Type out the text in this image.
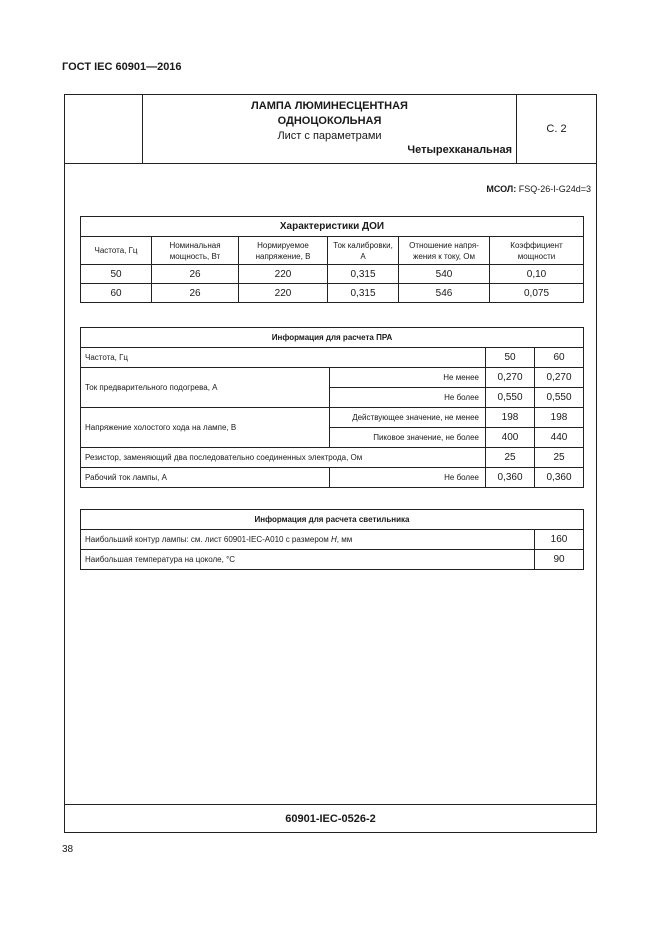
ГОСТ IEC 60901—2016
ЛАМПА ЛЮМИНЕСЦЕНТНАЯ
ОДНОЦОКОЛЬНАЯ
Лист с параметрами
Четырехканальная
С. 2
МСОЛ: FSQ-26-I-G24d=3
Характеристики ДОИ					
Частота, Гц	Номинальная мощность, Вт	Нормируемое напряжение, В	Ток калибровки, А	Отношение напря-жения к току, Ом	Коэффициент мощности
50	26	220	0,315	540	0,10
60	26	220	0,315	546	0,075
Информация для расчета ПРА			
Частота, Гц		50	60
Ток предварительного подогрева, А	Не менее	0,270	0,270
	Не более	0,550	0,550
Напряжение холостого хода на лампе, В	Действующее значение, не менее	198	198
	Пиковое значение, не более	400	440
Резистор, заменяющий два последовательно соединенных электрода, Ом		25	25
Рабочий ток лампы, А	Не более	0,360	0,360
Информация для расчета светильника	
Наибольший контур лампы: см. лист 60901-IEC-A010 с размером H, мм	160
Наибольшая температура на цоколе, °С	90
60901-IEC-0526-2
38
